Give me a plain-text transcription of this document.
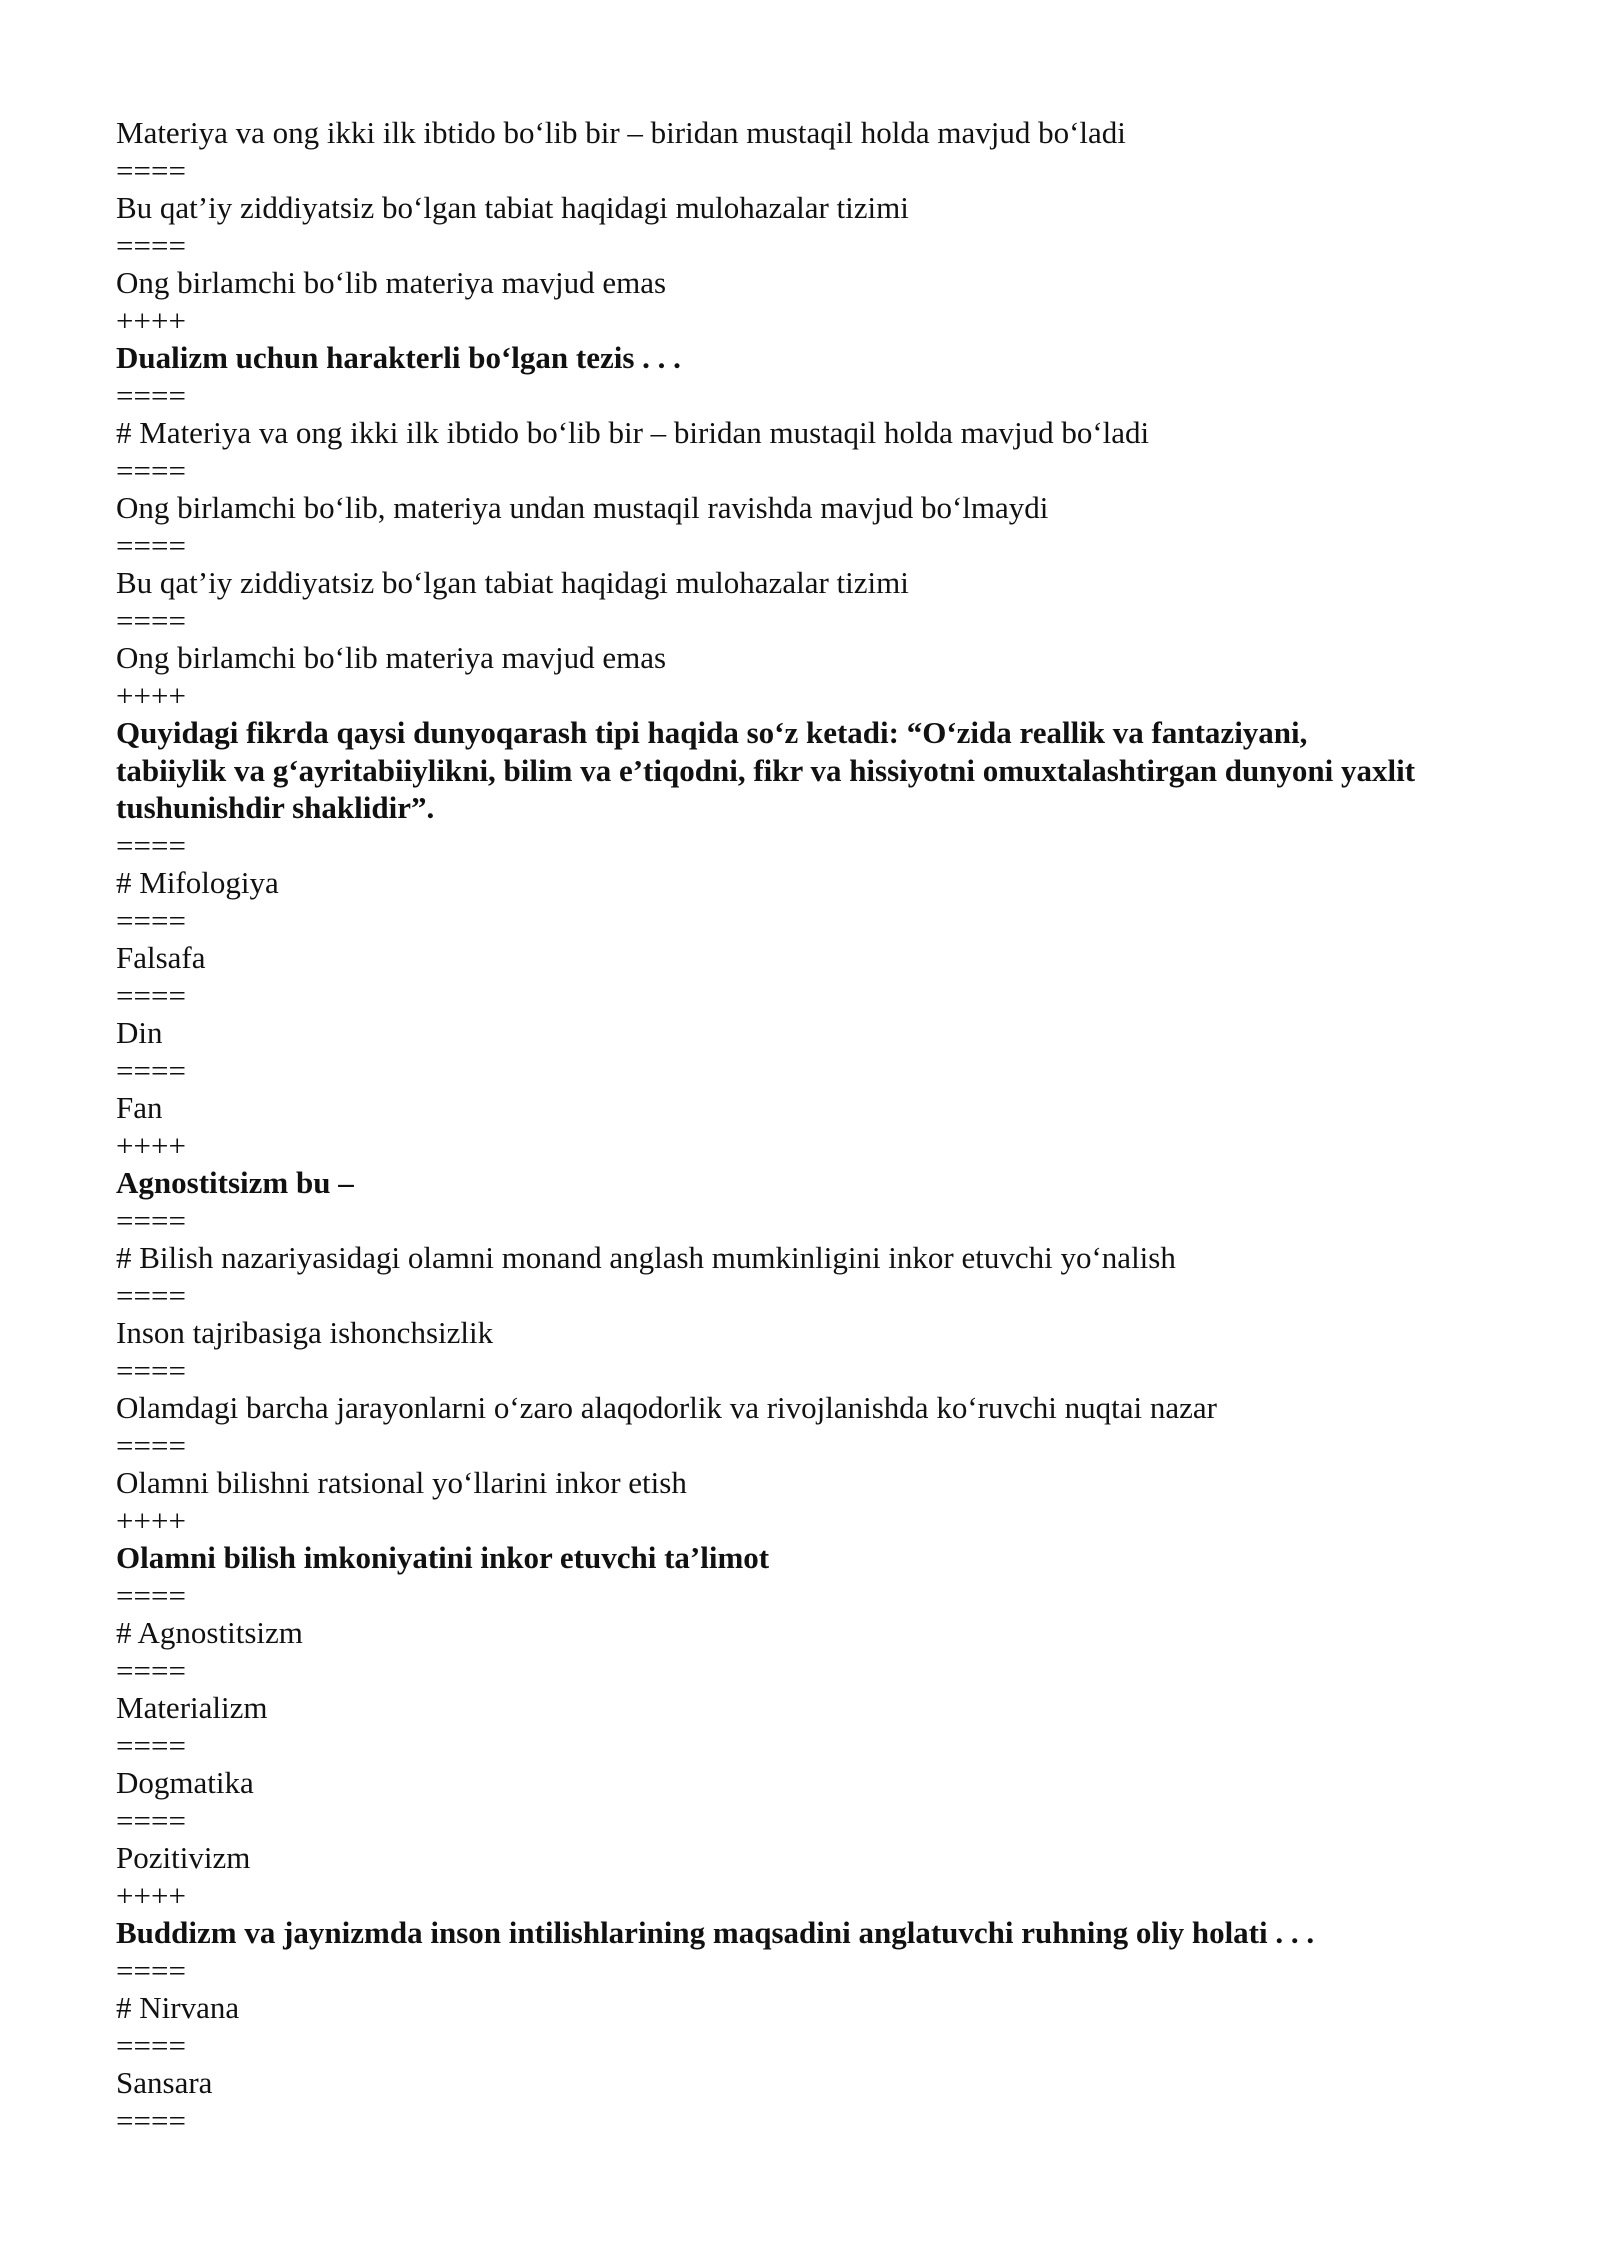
Materiya va ong ikki ilk ibtido bo‘lib bir – biridan mustaqil holda mavjud bo‘ladi
====
Bu qat’iy ziddiyatsiz bo‘lgan tabiat haqidagi mulohazalar tizimi
====
Ong birlamchi bo‘lib materiya mavjud emas
++++
Dualizm uchun harakterli bo‘lgan tezis . . .
====
# Materiya va ong ikki ilk ibtido bo‘lib bir – biridan mustaqil holda mavjud bo‘ladi
====
Ong birlamchi bo‘lib, materiya undan mustaqil ravishda mavjud bo‘lmaydi
====
Bu qat’iy ziddiyatsiz bo‘lgan tabiat haqidagi mulohazalar tizimi
====
Ong birlamchi bo‘lib materiya mavjud emas
++++
Quyidagi fikrda qaysi dunyoqarash tipi haqida so‘z ketadi: “O‘zida reallik va fantaziyani, tabiiylik va g‘ayritabiiylikni, bilim va e’tiqodni, fikr va hissiyotni omuxtalashtirgan dunyoni yaxlit tushunishdir shaklidir”.
====
# Mifologiya
====
Falsafa
====
Din
====
Fan
++++
Agnostitsizm bu –
====
# Bilish nazariyasidagi olamni monand anglash mumkinligini inkor etuvchi yo‘nalish
====
Inson tajribasiga ishonchsizlik
====
Olamdagi barcha jarayonlarni o‘zaro alaqodorlik va rivojlanishda ko‘ruvchi nuqtai nazar
====
Olamni bilishni ratsional yo‘llarini inkor etish
++++
Olamni bilish imkoniyatini inkor etuvchi ta’limot
====
# Agnostitsizm
====
Materializm
====
Dogmatika
====
Pozitivizm
++++
Buddizm va jaynizmda inson intilishlarining maqsadini anglatuvchi ruhning oliy holati . . .
====
# Nirvana
====
Sansara
====
